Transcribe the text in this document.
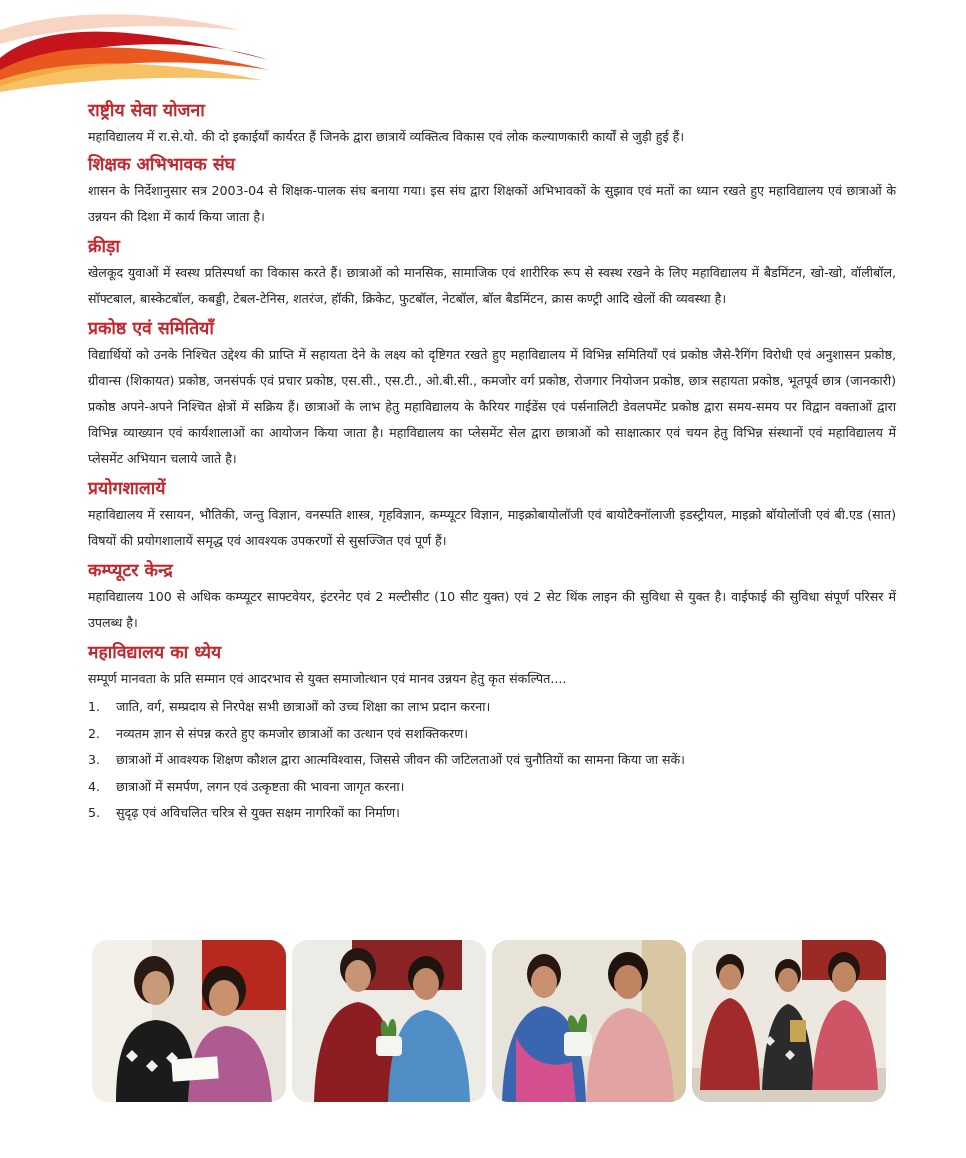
राष्ट्रीय सेवा योजना

महाविद्यालय में रा.से.यो. की दो इकाईयाँ कार्यरत हैं जिनके द्वारा छात्रायें व्यक्तित्व विकास एवं लोक कल्याणकारी कार्यों से जुड़ी हुई हैं।

शिक्षक अभिभावक संघ

शासन के निर्देशानुसार सत्र 2003-04 से शिक्षक-पालक संघ बनाया गया। इस संघ द्वारा शिक्षकों अभिभावकों के सुझाव एवं मतों का ध्यान रखते हुए महाविद्यालय एवं छात्राओं के उन्नयन की दिशा में कार्य किया जाता है।

क्रीड़ा

खेलकूद युवाओं में स्वस्थ प्रतिस्पर्धा का विकास करते हैं। छात्राओं को मानसिक, सामाजिक एवं शारीरिक रूप से स्वस्थ रखने के लिए महाविद्यालय में बैडमिंटन, खो-खो, वॉलीबॉल, सॉफ्टबाल, बास्केटबॉल, कबड्डी, टेबल-टेनिस, शतरंज, हॉकी, क्रिकेट, फुटबॉल, नेटबॉल, बॉल बैडमिंटन, क्रास कण्ट्री आदि खेलों की व्यवस्था है।

प्रकोष्ठ एवं समितियाँ

विद्यार्थियों को उनके निश्चित उद्देश्य की प्राप्ति में सहायता देने के लक्ष्य को दृष्टिगत रखते हुए महाविद्यालय में विभिन्न समितियाँ एवं प्रकोष्ठ जैसे-रैगिंग विरोधी एवं अनुशासन प्रकोष्ठ, ग्रीवान्स (शिकायत) प्रकोष्ठ, जनसंपर्क एवं प्रचार प्रकोष्ठ, एस.सी., एस.टी., ओ.बी.सी., कमजोर वर्ग प्रकोष्ठ, रोजगार नियोजन प्रकोष्ठ, छात्र सहायता प्रकोष्ठ, भूतपूर्व छात्र (जानकारी) प्रकोष्ठ अपने-अपने निश्चित क्षेत्रों में सक्रिय हैं। छात्राओं के लाभ हेतु महाविद्यालय के कैरियर गाईडेंस एवं पर्सनालिटी डेवलपमेंट प्रकोष्ठ द्वारा समय-समय पर विद्वान वक्ताओं द्वारा विभिन्न व्याख्यान एवं कार्यशालाओं का आयोजन किया जाता है। महाविद्यालय का प्लेसमेंट सेल द्वारा छात्राओं को साक्षात्कार एवं चयन हेतु विभिन्न संस्थानों एवं महाविद्यालय में प्लेसमेंट अभियान चलाये जाते है।

प्रयोगशालायें

महाविद्यालय में रसायन, भौतिकी, जन्तु विज्ञान, वनस्पति शास्त्र, गृहविज्ञान, कम्प्यूटर विज्ञान, माइक्रोबायोलॉजी एवं बायोटैक्नॉलाजी इडस्ट्रीयल, माइक्रो बॉयोलॉजी एवं बी.एड (सात) विषयों की प्रयोगशालायें समृद्ध एवं आवश्यक उपकरणों से सुसज्जित एवं पूर्ण हैं।

कम्प्यूटर केन्द्र

महाविद्यालय 100 से अधिक कम्प्यूटर साफ्टवेयर, इंटरनेट एवं 2 मल्टीसीट (10 सीट युक्त) एवं 2 सेट थिंक लाइन की सुविधा से युक्त है। वाईफाई की सुविधा संपूर्ण परिसर में उपलब्ध है।

महाविद्यालय का ध्येय

सम्पूर्ण मानवता के प्रति सम्मान एवं आदरभाव से युक्त समाजोत्थान एवं मानव उन्नयन हेतु कृत संकल्पित....

1.	जाति, वर्ग, सम्प्रदाय से निरपेक्ष सभी छात्राओं को उच्च शिक्षा का लाभ प्रदान करना।
2.	नव्यतम ज्ञान से संपन्न करते हुए कमजोर छात्राओं का उत्थान एवं सशक्तिकरण।
3.	छात्राओं में आवश्यक शिक्षण कौशल द्वारा आत्मविश्वास, जिससे जीवन की जटिलताओं एवं चुनौतियों का सामना किया जा सकें।
4.	छात्राओं में समर्पण, लगन एवं उत्कृष्टता की भावना जागृत करना।
5.	सुदृढ़ एवं अविचलित चरित्र से युक्त सक्षम नागरिकों का निर्माण।
